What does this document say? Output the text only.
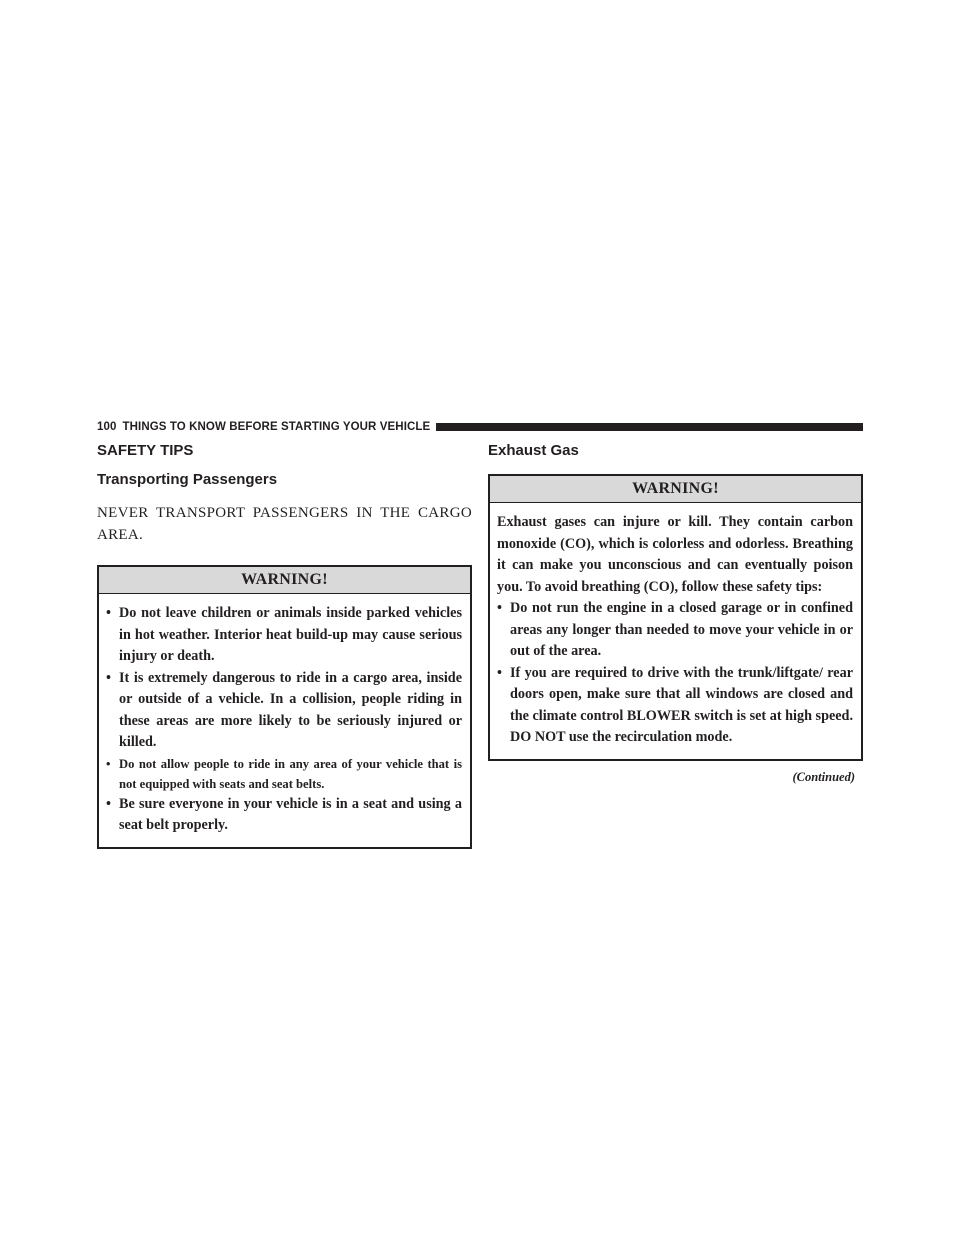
100 THINGS TO KNOW BEFORE STARTING YOUR VEHICLE
SAFETY TIPS
Transporting Passengers

NEVER TRANSPORT PASSENGERS IN THE CARGO AREA.

WARNING!
• Do not leave children or animals inside parked vehicles in hot weather. Interior heat build-up may cause serious injury or death.
• It is extremely dangerous to ride in a cargo area, inside or outside of a vehicle. In a collision, people riding in these areas are more likely to be seriously injured or killed.
• Do not allow people to ride in any area of your vehicle that is not equipped with seats and seat belts.
• Be sure everyone in your vehicle is in a seat and using a seat belt properly.
Exhaust Gas
WARNING!

Exhaust gases can injure or kill. They contain carbon monoxide (CO), which is colorless and odorless. Breathing it can make you unconscious and can eventually poison you. To avoid breathing (CO), follow these safety tips:

• Do not run the engine in a closed garage or in confined areas any longer than needed to move your vehicle in or out of the area.
• If you are required to drive with the trunk/liftgate/ rear doors open, make sure that all windows are closed and the climate control BLOWER switch is set at high speed. DO NOT use the recirculation mode.
(Continued)
